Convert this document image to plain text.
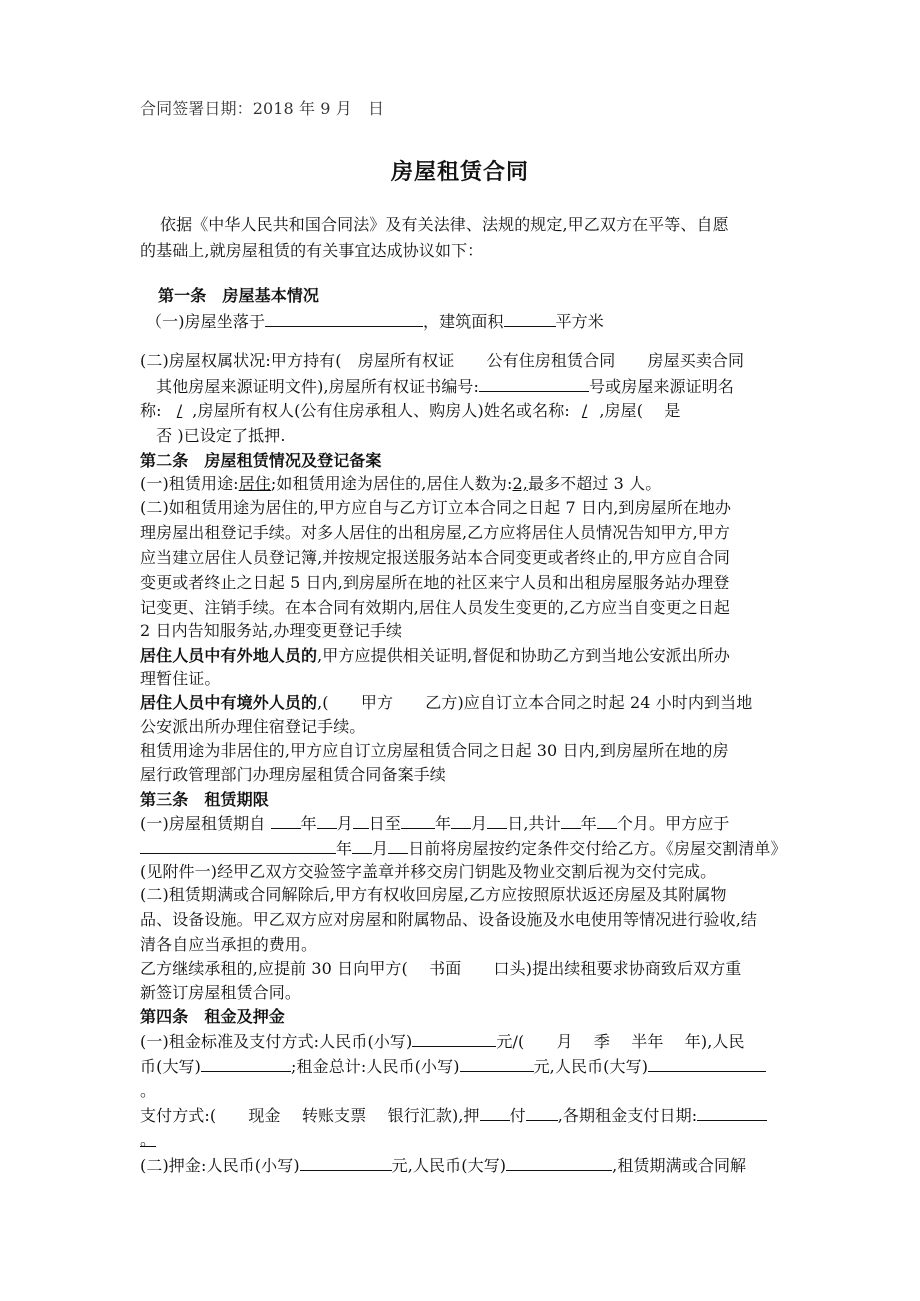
合同签署日期：2018 年 9 月　日
房屋租赁合同
依据《中华人民共和国合同法》及有关法律、法规的规定,甲乙双方在平等、自愿
的基础上,就房屋租赁的有关事宜达成协议如下：
第一条　房屋基本情况
（一)房屋坐落于	，建筑面积	平方米
(二)房屋权属状况:甲方持有(　房屋所有权证　　公有住房租赁合同　　房屋买卖合同
　其他房屋来源证明文件),房屋所有权证书编号:	号或房屋来源证明名
称: / ,房屋所有权人(公有住房承租人、购房人)姓名或名称: / ,房屋(　 是
　否 )已设定了抵押.
第二条　房屋租赁情况及登记备案
(一)租赁用途:居住;如租赁用途为居住的,居住人数为:2,最多不超过 3 人。
(二)如租赁用途为居住的,甲方应自与乙方订立本合同之日起 7 日内,到房屋所在地办
理房屋出租登记手续。对多人居住的出租房屋,乙方应将居住人员情况告知甲方,甲方
应当建立居住人员登记簿,并按规定报送服务站本合同变更或者终止的,甲方应自合同
变更或者终止之日起 5 日内,到房屋所在地的社区来宁人员和出租房屋服务站办理登
记变更、注销手续。在本合同有效期内,居住人员发生变更的,乙方应当自变更之日起
2 日内告知服务站,办理变更登记手续
居住人员中有外地人员的,甲方应提供相关证明,督促和协助乙方到当地公安派出所办
理暂住证。
居住人员中有境外人员的,(　　甲方　　乙方)应自订立本合同之时起 24 小时内到当地
公安派出所办理住宿登记手续。
租赁用途为非居住的,甲方应自订立房屋租赁合同之日起 30 日内,到房屋所在地的房
屋行政管理部门办理房屋租赁合同备案手续
第三条　租赁期限
(一)房屋租赁期自 年 月 日至 年 月 日,共计 年 个月。甲方应于
年 月 日前将房屋按约定条件交付给乙方。《房屋交割清单》
(见附件一)经甲乙双方交验签字盖章并移交房门钥匙及物业交割后视为交付完成。
(二)租赁期满或合同解除后,甲方有权收回房屋,乙方应按照原状返还房屋及其附属物
品、设备设施。甲乙双方应对房屋和附属物品、设备设施及水电使用等情况进行验收,结
清各自应当承担的费用。
乙方继续承租的,应提前 30 日向甲方(　 书面　　口头)提出续租要求协商致后双方重
新签订房屋租赁合同。
第四条　租金及押金
(一)租金标准及支付方式:人民币(小写)	元/(　　月　 季　 半年　 年),人民
币(大写)	;租金总计:人民币(小写)	元,人民币(大写)
。
支付方式:(　　现金　 转账支票　 银行汇款),押 付 ,各期租金支付日期:
。
(二)押金:人民币(小写)	元,人民币(大写)	,租赁期满或合同解
